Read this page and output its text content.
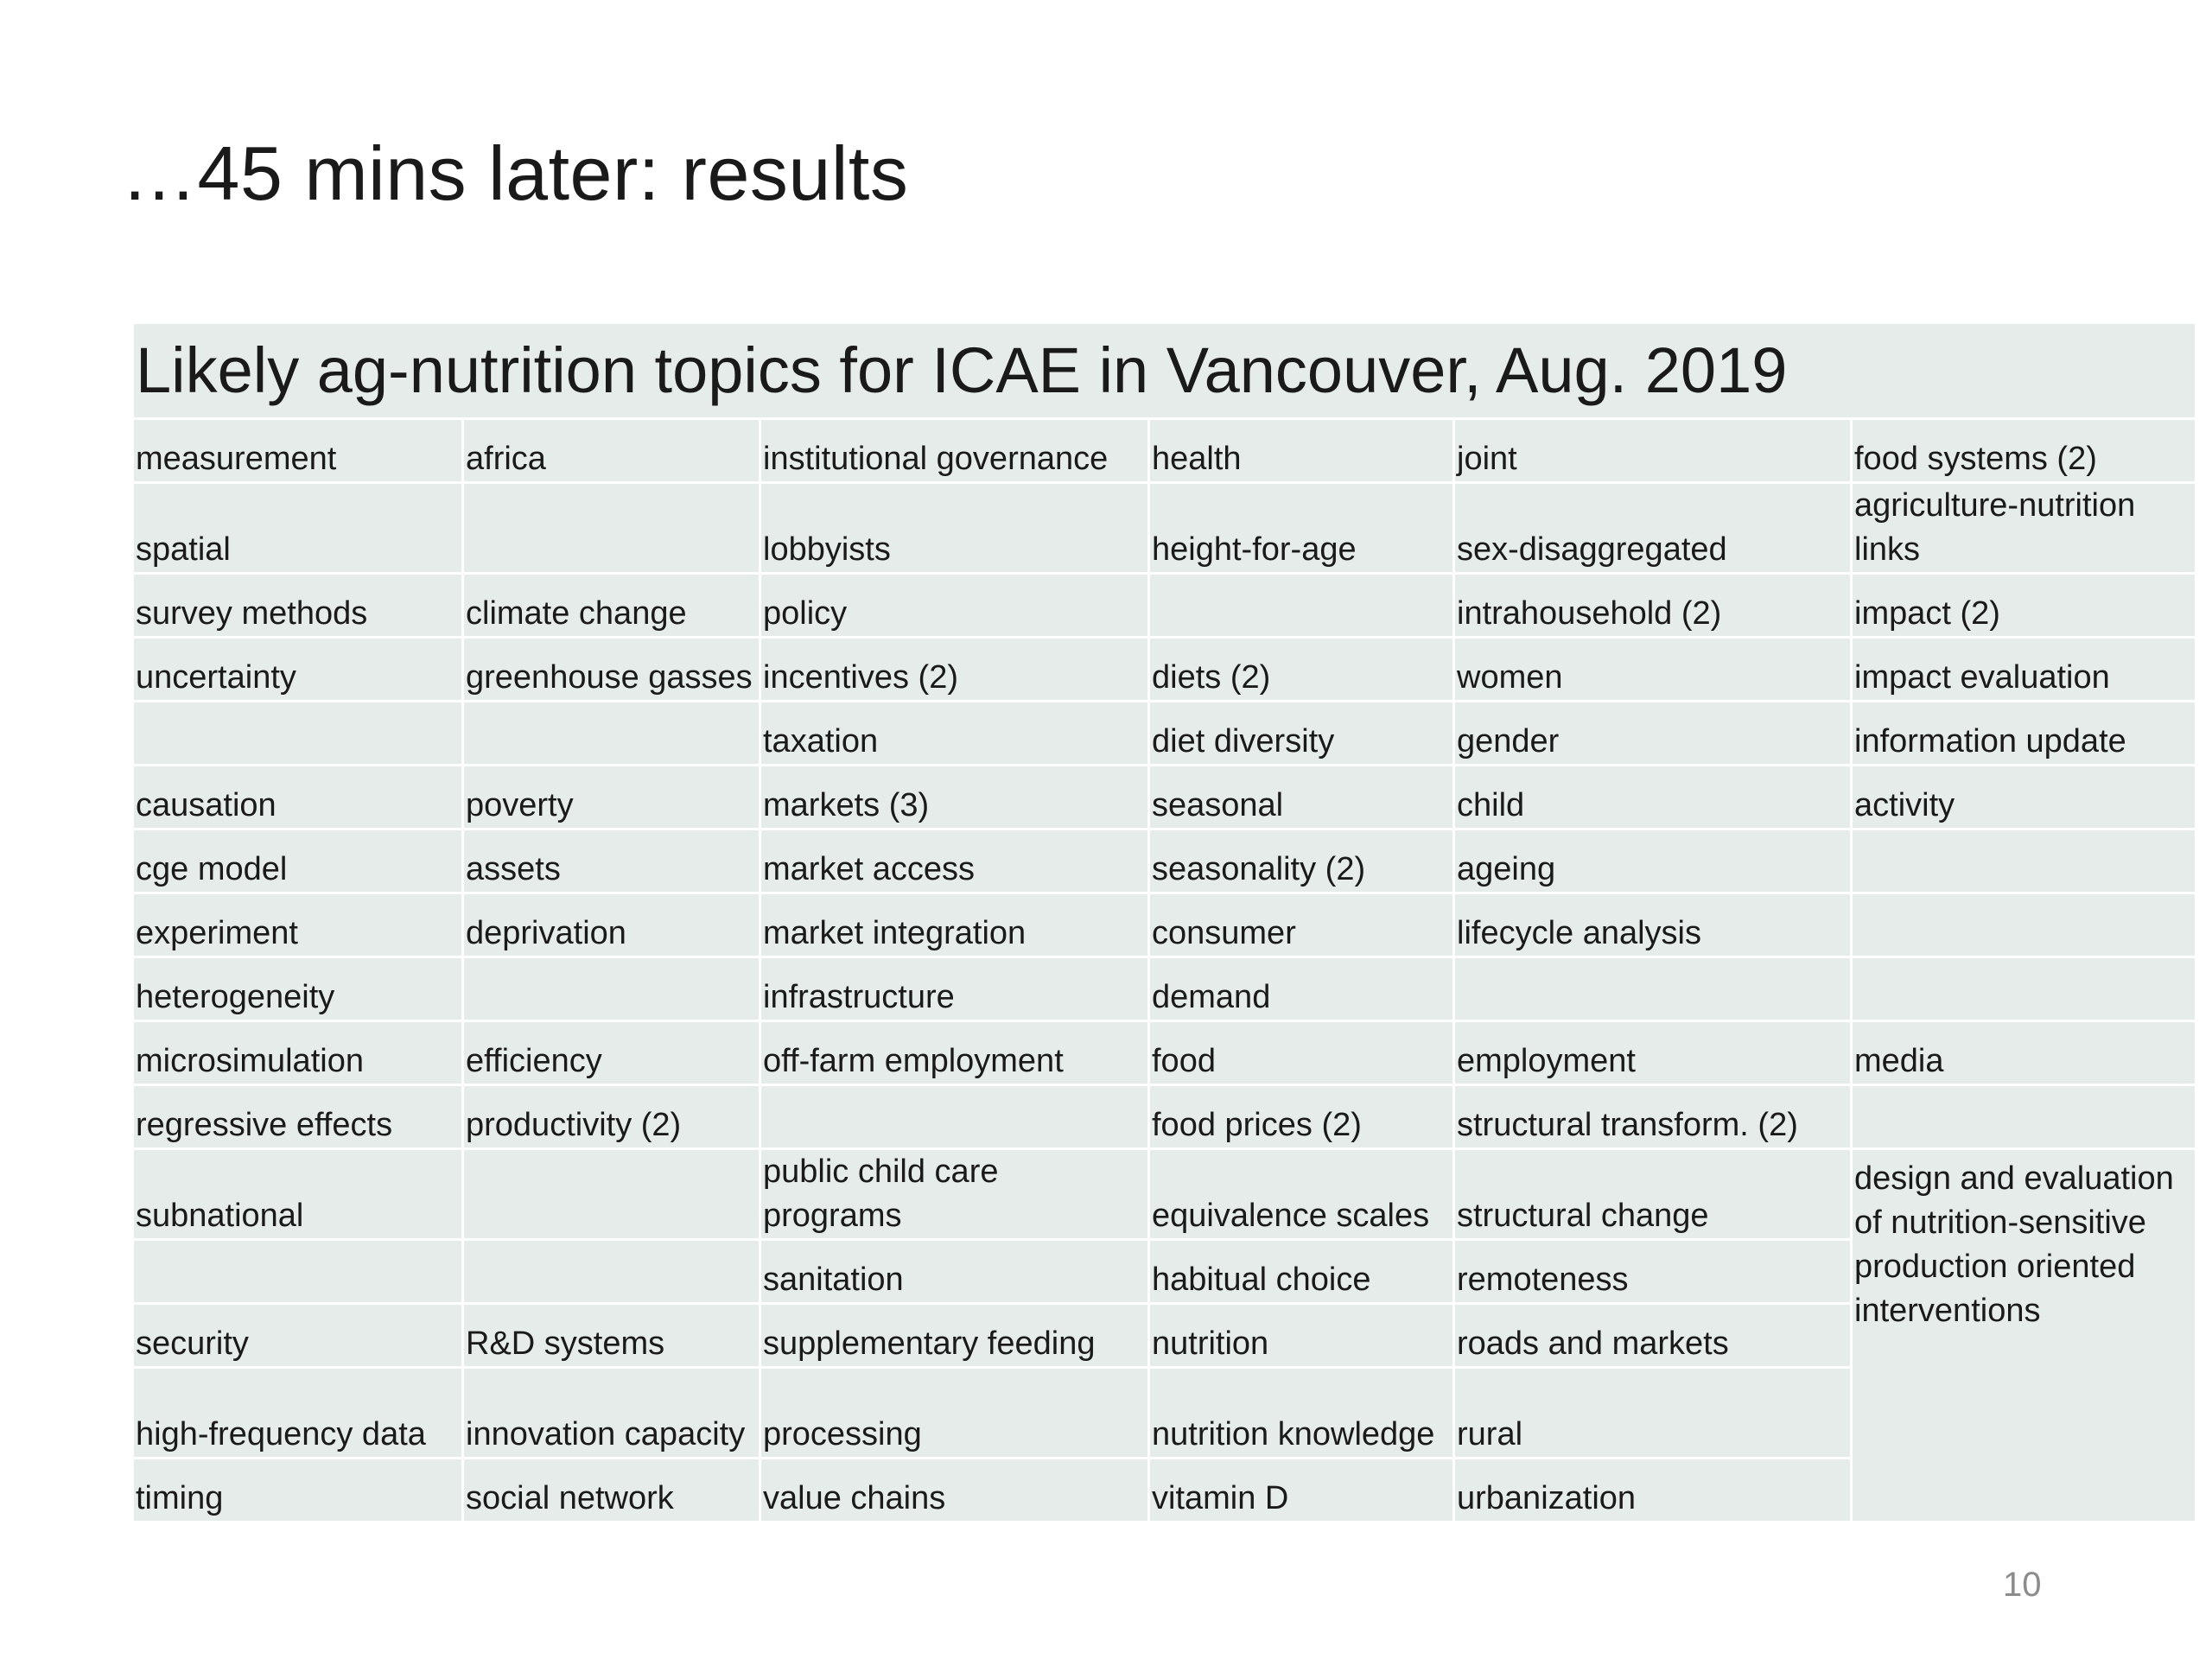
…45 mins later: results
Likely ag-nutrition topics for ICAE in Vancouver, Aug. 2019					
measurement	africa	institutional governance	health	joint	food systems (2)
spatial		lobbyists	height-for-age	sex-disaggregated	agriculture-nutrition links
survey methods	climate change	policy		intrahousehold (2)	impact (2)
uncertainty	greenhouse gasses	incentives (2)	diets (2)	women	impact evaluation
		taxation	diet diversity	gender	information update
causation	poverty	markets (3)	seasonal	child	activity
cge model	assets	market access	seasonality (2)	ageing	
experiment	deprivation	market integration	consumer	lifecycle analysis	
heterogeneity		infrastructure	demand		
microsimulation	efficiency	off-farm employment	food	employment	media
regressive effects	productivity (2)		food prices (2)	structural transform. (2)	
subnational		public child care programs	equivalence scales	structural change	design and evaluation of nutrition-sensitive production oriented interventions
		sanitation	habitual choice	remoteness	
security	R&D systems	supplementary feeding	nutrition	roads and markets	
high-frequency data	innovation capacity	processing	nutrition knowledge	rural	
timing	social network	value chains	vitamin D	urbanization	
10
